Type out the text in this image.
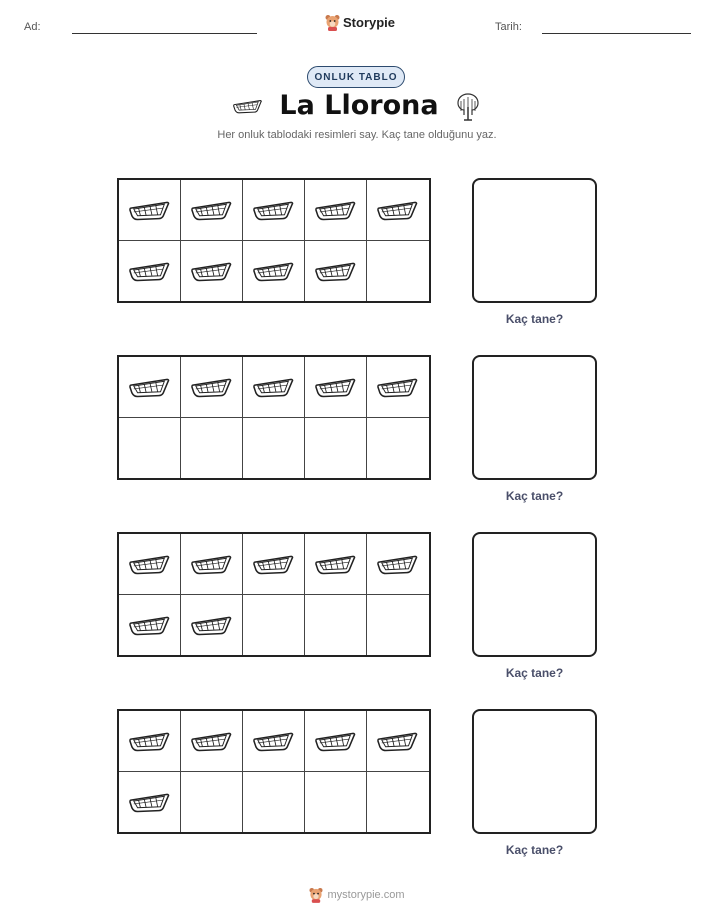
Ad:	Storypie	Tarih:
ONLUK TABLO
La Llorona
Her onluk tablodaki resimleri say. Kaç tane olduğunu yaz.
Kaç tane?
Kaç tane?
Kaç tane?
Kaç tane?
mystorypie.com
